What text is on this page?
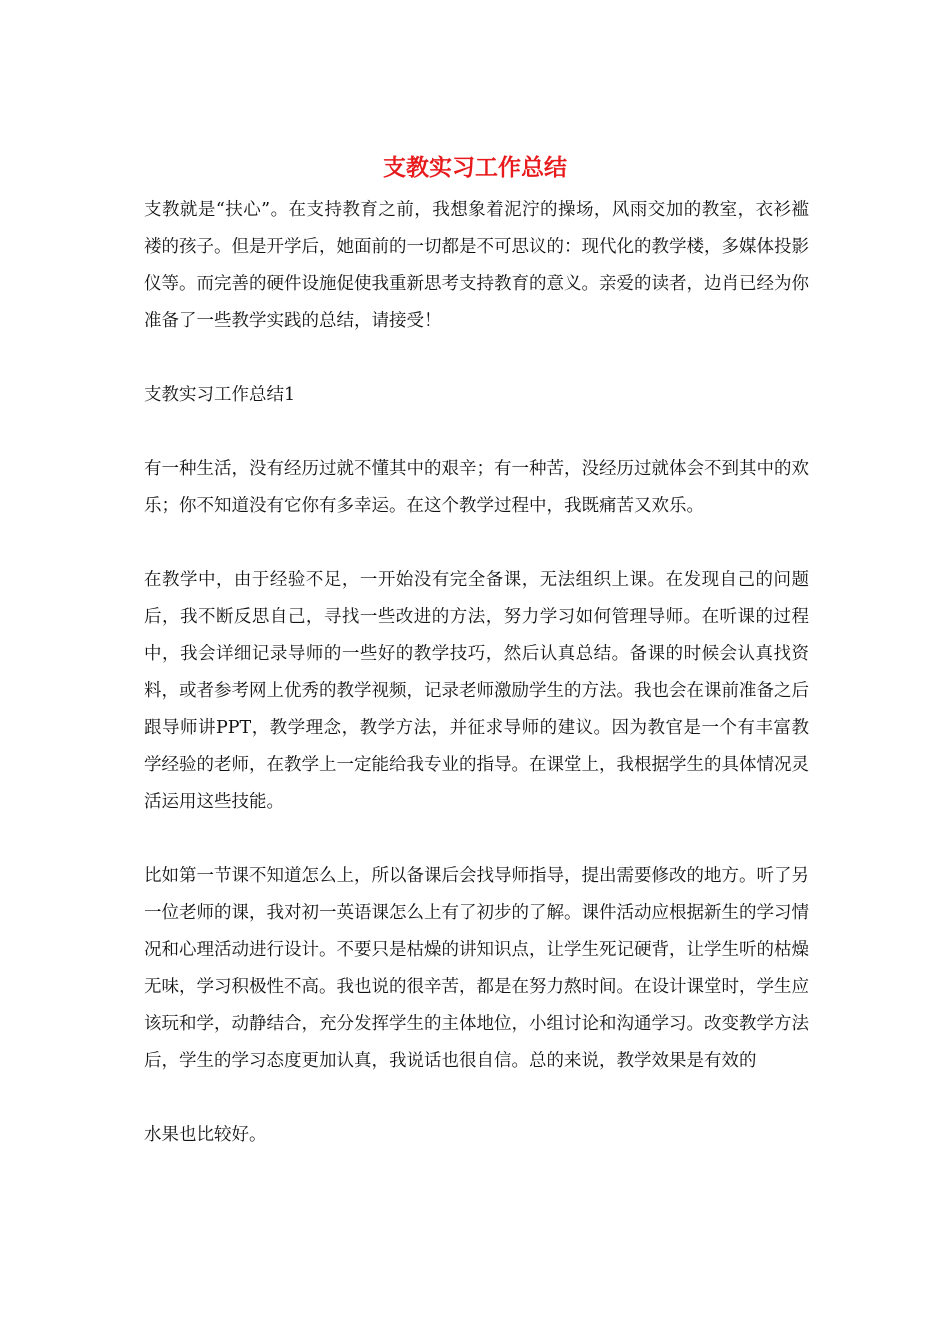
支教实习工作总结

支教就是“扶心”。在支持教育之前，我想象着泥泞的操场，风雨交加的教室，衣衫褴褛的孩子。但是开学后，她面前的一切都是不可思议的：现代化的教学楼，多媒体投影仪等。而完善的硬件设施促使我重新思考支持教育的意义。亲爱的读者，边肖已经为你准备了一些教学实践的总结，请接受！

支教实习工作总结1

有一种生活，没有经历过就不懂其中的艰辛；有一种苦，没经历过就体会不到其中的欢乐；你不知道没有它你有多幸运。在这个教学过程中，我既痛苦又欢乐。

在教学中，由于经验不足，一开始没有完全备课，无法组织上课。在发现自己的问题后，我不断反思自己，寻找一些改进的方法，努力学习如何管理导师。在听课的过程中，我会详细记录导师的一些好的教学技巧，然后认真总结。备课的时候会认真找资料，或者参考网上优秀的教学视频，记录老师激励学生的方法。我也会在课前准备之后跟导师讲PPT，教学理念，教学方法，并征求导师的建议。因为教官是一个有丰富教学经验的老师，在教学上一定能给我专业的指导。在课堂上，我根据学生的具体情况灵活运用这些技能。

比如第一节课不知道怎么上，所以备课后会找导师指导，提出需要修改的地方。听了另一位老师的课，我对初一英语课怎么上有了初步的了解。课件活动应根据新生的学习情况和心理活动进行设计。不要只是枯燥的讲知识点，让学生死记硬背，让学生听的枯燥无味，学习积极性不高。我也说的很辛苦，都是在努力熬时间。在设计课堂时，学生应该玩和学，动静结合，充分发挥学生的主体地位，小组讨论和沟通学习。改变教学方法后，学生的学习态度更加认真，我说话也很自信。总的来说，教学效果是有效的

水果也比较好。
